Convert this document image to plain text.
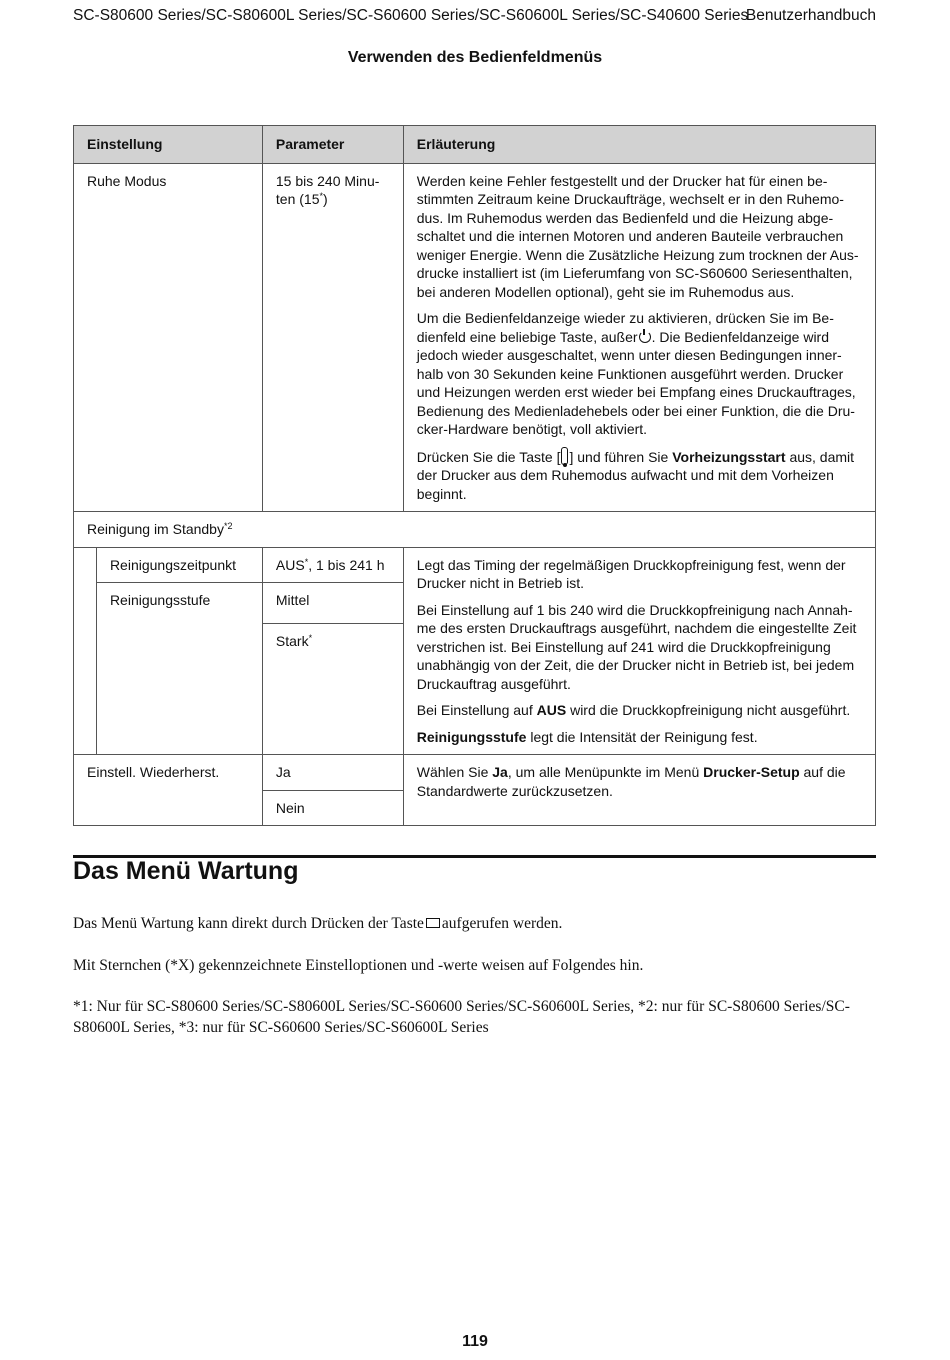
SC-S80600 Series/SC-S80600L Series/SC-S60600 Series/SC-S60600L Series/SC-S40600 Series
Benutzerhandbuch
Verwenden des Bedienfeldmenüs
Einstellung		Parameter	Erläuterung
Ruhe Modus		15 bis 240 Minu-ten (15*)	Werden keine Fehler festgestellt und der Drucker hat für einen be-stimmten Zeitraum keine Druckaufträge, wechselt er in den Ruhemo-dus. Im Ruhemodus werden das Bedienfeld und die Heizung abge-schaltet und die internen Motoren und anderen Bauteile verbrauchen weniger Energie. Wenn die Zusätzliche Heizung zum trocknen der Aus-drucke installiert ist (im Lieferumfang von SC-S60600 Seriesenthalten, bei anderen Modellen optional), geht sie im Ruhemodus aus.

Um die Bedienfeldanzeige wieder zu aktivieren, drücken Sie im Be-dienfeld eine beliebige Taste, außer . Die Bedienfeldanzeige wird jedoch wieder ausgeschaltet, wenn unter diesen Bedingungen inner-halb von 30 Sekunden keine Funktionen ausgeführt werden. Drucker und Heizungen werden erst wieder bei Empfang eines Druckauftrages, Bedienung des Medienladehebels oder bei einer Funktion, die die Dru-cker-Hardware benötigt, voll aktiviert.

Drücken Sie die Taste [ ] und führen Sie Vorheizungsstart aus, damit der Drucker aus dem Ruhemodus aufwacht und mit dem Vorheizen beginnt.

Reinigung im Standby$^{*2}$
	Reinigungszeitpunkt	AUS*, 1 bis 241 h	Legt das Timing der regelmäßigen Druckkopfreinigung fest, wenn der Drucker nicht in Betrieb ist.

Bei Einstellung auf 1 bis 240 wird die Druckkopfreinigung nach Annah-me des ersten Druckauftrags ausgeführt, nachdem die eingestellte Zeit verstrichen ist. Bei Einstellung auf 241 wird die Druckkopfreinigung unabhängig von der Zeit, die der Drucker nicht in Betrieb ist, bei jedem Druckauftrag ausgeführt.

Bei Einstellung auf AUS wird die Druckkopfreinigung nicht ausgeführt.

Reinigungsstufe legt die Intensität der Reinigung fest.

	Reinigungsstufe	Mittel	
		Stark*
Einstell. Wiederherst.		Ja	Wählen Sie Ja, um alle Menüpunkte im Menü Drucker-Setup auf die Standardwerte zurückzusetzen.
		Nein	
Das Menü Wartung

Das Menü Wartung kann direkt durch Drücken der Taste aufgerufen werden.

Mit Sternchen (*X) gekennzeichnete Einstelloptionen und -werte weisen auf Folgendes hin.

*1: Nur für SC-S80600 Series/SC-S80600L Series/SC-S60600 Series/SC-S60600L Series, *2: nur für SC-S80600 Series/SC-S80600L Series, *3: nur für SC-S60600 Series/SC-S60600L Series

119
